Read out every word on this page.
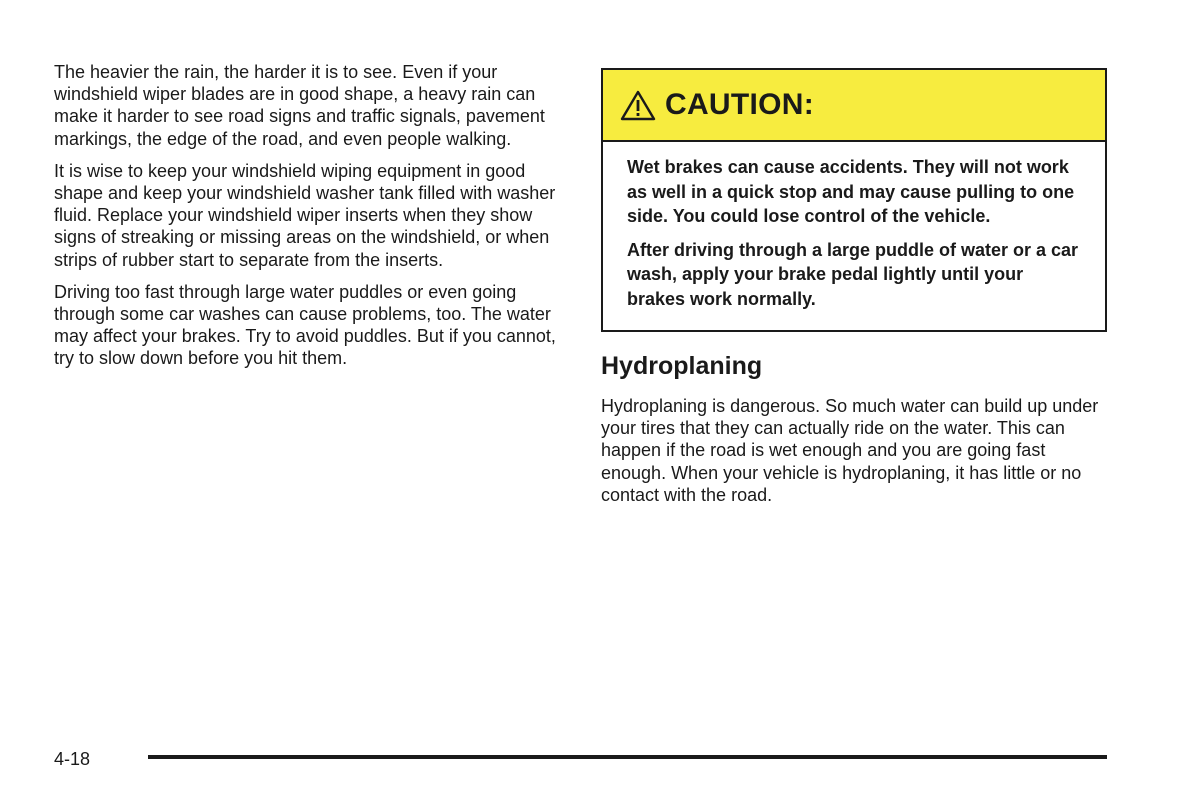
The heavier the rain, the harder it is to see. Even if your windshield wiper blades are in good shape, a heavy rain can make it harder to see road signs and traffic signals, pavement markings, the edge of the road, and even people walking.

It is wise to keep your windshield wiping equipment in good shape and keep your windshield washer tank filled with washer fluid. Replace your windshield wiper inserts when they show signs of streaking or missing areas on the windshield, or when strips of rubber start to separate from the inserts.

Driving too fast through large water puddles or even going through some car washes can cause problems, too. The water may affect your brakes. Try to avoid puddles. But if you cannot, try to slow down before you hit them.

CAUTION:

Wet brakes can cause accidents. They will not work as well in a quick stop and may cause pulling to one side. You could lose control of the vehicle.

After driving through a large puddle of water or a car wash, apply your brake pedal lightly until your brakes work normally.

Hydroplaning

Hydroplaning is dangerous. So much water can build up under your tires that they can actually ride on the water. This can happen if the road is wet enough and you are going fast enough. When your vehicle is hydroplaning, it has little or no contact with the road.

4-18
